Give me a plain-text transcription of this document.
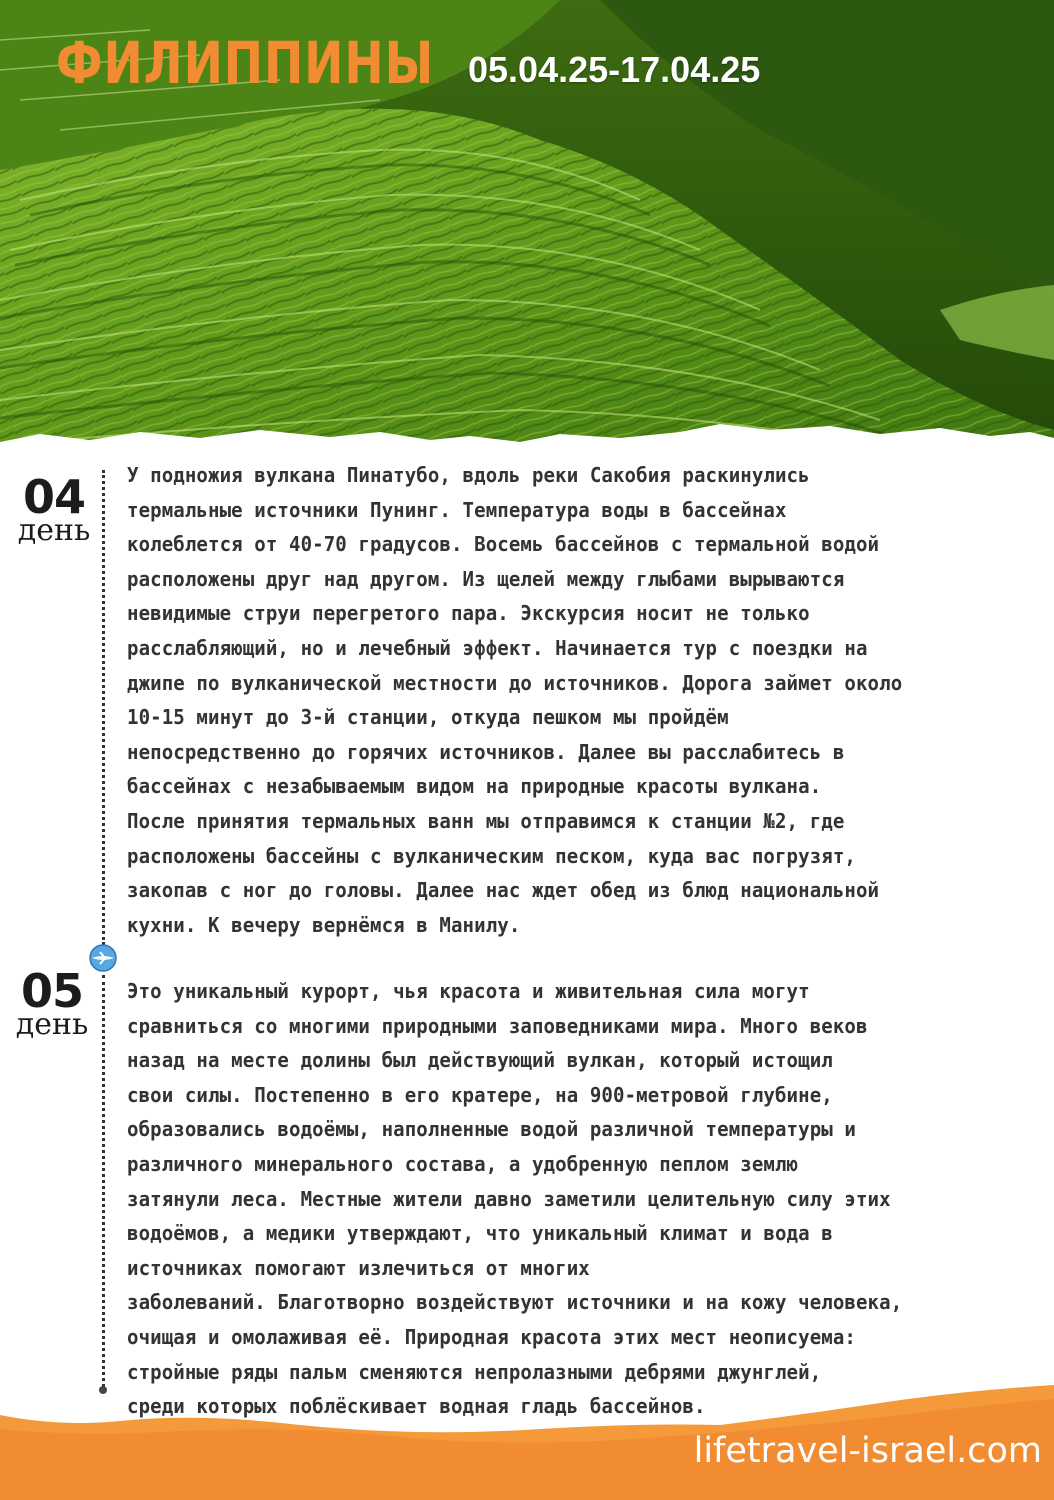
ФИЛИППИНЫ 05.04.25-17.04.25
04
день
У подножия вулкана Пинатубо, вдоль реки Сакобия раскинулись
термальные источники Пунинг. Температура воды в бассейнах
колеблется от 40-70 градусов. Восемь бассейнов с термальной водой
расположены друг над другом. Из щелей между глыбами вырываются
невидимые струи перегретого пара. Экскурсия носит не только
расслабляющий, но и лечебный эффект. Начинается тур с поездки на
джипе по вулканической местности до источников. Дорога займет около
10-15 минут до 3-й станции, откуда пешком мы пройдём
непосредственно до горячих источников. Далее вы расслабитесь в
бассейнах с незабываемым видом на природные красоты вулкана.
После принятия термальных ванн мы отправимся к станции №2, где
расположены бассейны с вулканическим песком, куда вас погрузят,
закопав с ног до головы. Далее нас ждет обед из блюд национальной
кухни. К вечеру вернёмся в Манилу.
05
день
Это уникальный курорт, чья красота и живительная сила могут
сравниться со многими природными заповедниками мира. Много веков
назад на месте долины был действующий вулкан, который истощил
свои силы. Постепенно в его кратере, на 900-метровой глубине,
образовались водоёмы, наполненные водой различной температуры и
различного минерального состава, а удобренную пеплом землю
затянули леса. Местные жители давно заметили целительную силу этих
водоёмов, а медики утверждают, что уникальный климат и вода в
источниках помогают излечиться от многих
заболеваний. Благотворно воздействуют источники и на кожу человека,
очищая и омолаживая её. Природная красота этих мест неописуема:
стройные ряды пальм сменяются непролазными дебрями джунглей,
среди которых поблёскивает водная гладь бассейнов.
lifetravel-israel.com
